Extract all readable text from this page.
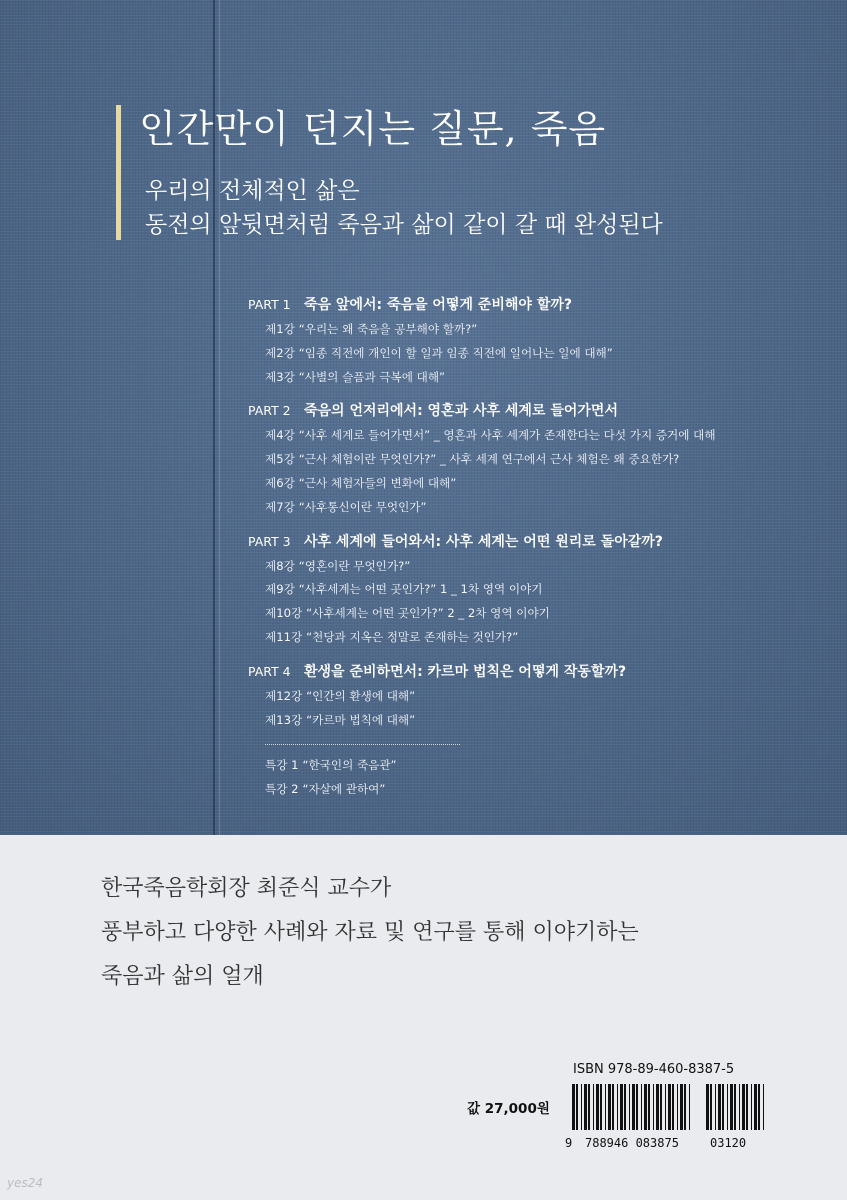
인간만이 던지는 질문, 죽음

우리의 전체적인 삶은

동전의 앞뒷면처럼 죽음과 삶이 같이 갈 때 완성된다

PART 1 죽음 앞에서: 죽음을 어떻게 준비해야 할까?
제1강 “우리는 왜 죽음을 공부해야 할까?”
제2강 “임종 직전에 개인이 할 일과 임종 직전에 일어나는 일에 대해”
제3강 “사별의 슬픔과 극복에 대해”
PART 2 죽음의 언저리에서: 영혼과 사후 세계로 들어가면서
제4강 “사후 세계로 들어가면서” _ 영혼과 사후 세계가 존재한다는 다섯 가지 증거에 대해
제5강 “근사 체험이란 무엇인가?” _ 사후 세계 연구에서 근사 체험은 왜 중요한가?
제6강 “근사 체험자들의 변화에 대해”
제7강 “사후통신이란 무엇인가”
PART 3 사후 세계에 들어와서: 사후 세계는 어떤 원리로 돌아갈까?
제8강 “영혼이란 무엇인가?”
제9강 “사후세계는 어떤 곳인가?” 1 _ 1차 영역 이야기
제10강 “사후세계는 어떤 곳인가?” 2 _ 2차 영역 이야기
제11강 “천당과 지옥은 정말로 존재하는 것인가?”
PART 4 환생을 준비하면서: 카르마 법칙은 어떻게 작동할까?
제12강 “인간의 환생에 대해”
제13강 “카르마 법칙에 대해”
특강 1 “한국인의 죽음관”
특강 2 “자살에 관하여”

한국죽음학회장 최준식 교수가

풍부하고 다양한 사례와 자료 및 연구를 통해 이야기하는

죽음과 삶의 얼개

값 27,000원
ISBN 978-89-460-8387-5
9 788946 083875	03120
yes24
